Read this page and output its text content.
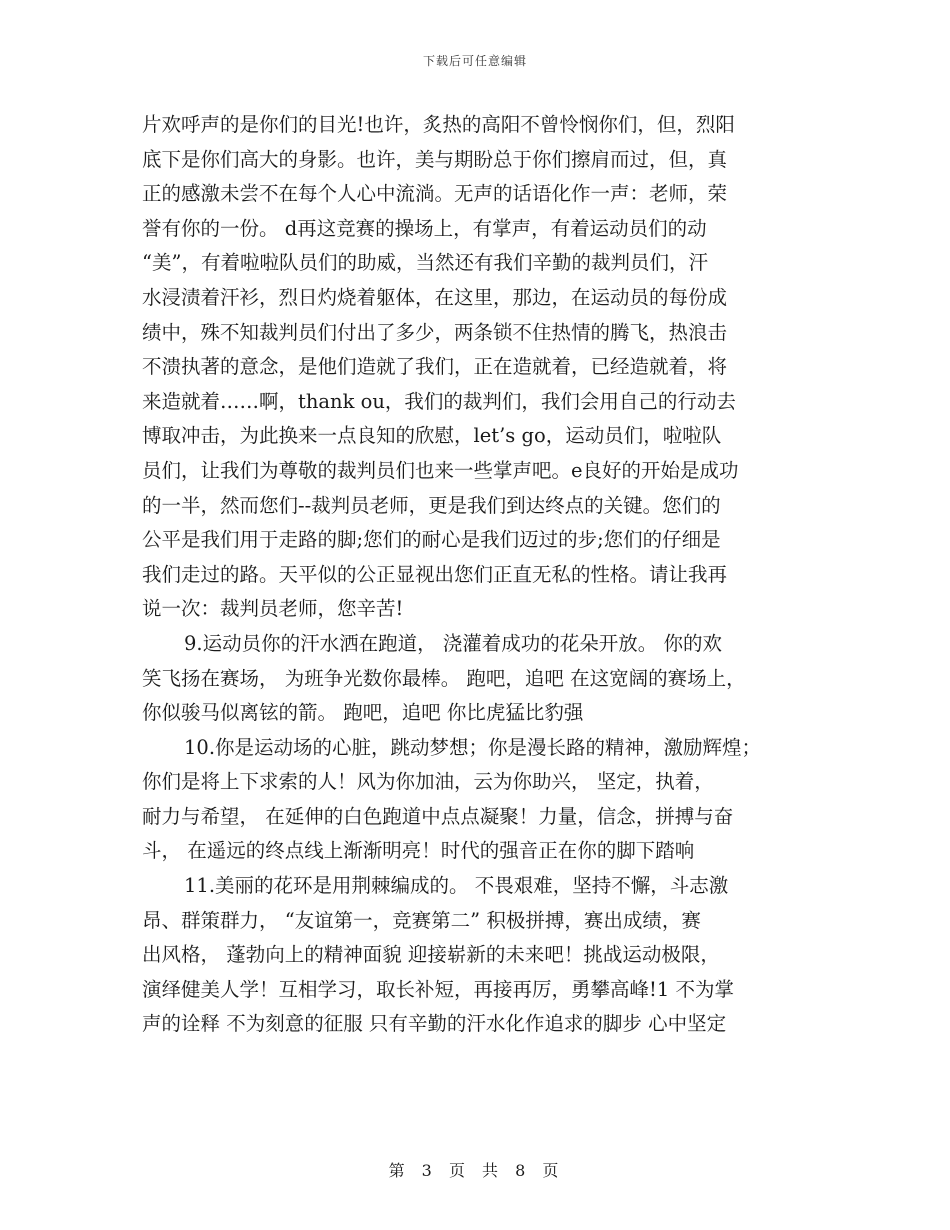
下载后可任意编辑
片欢呼声的是你们的目光!也许，炙热的高阳不曾怜悯你们，但，烈阳
底下是你们高大的身影。也许，美与期盼总于你们擦肩而过，但，真
正的感激未尝不在每个人心中流淌。无声的话语化作一声：老师，荣
誉有你的一份。 d再这竞赛的操场上，有掌声，有着运动员们的动
“美”，有着啦啦队员们的助威，当然还有我们辛勤的裁判员们，汗
水浸渍着汗衫，烈日灼烧着躯体，在这里，那边，在运动员的每份成
绩中，殊不知裁判员们付出了多少，两条锁不住热情的腾飞，热浪击
不溃执著的意念，是他们造就了我们，正在造就着，已经造就着，将
来造就着……啊，thank ou，我们的裁判们，我们会用自己的行动去
博取冲击，为此换来一点良知的欣慰，let’s go，运动员们，啦啦队
员们，让我们为尊敬的裁判员们也来一些掌声吧。e良好的开始是成功
的一半，然而您们--裁判员老师，更是我们到达终点的关键。您们的
公平是我们用于走路的脚;您们的耐心是我们迈过的步;您们的仔细是
我们走过的路。天平似的公正显视出您们正直无私的性格。请让我再
说一次：裁判员老师，您辛苦!
9.运动员你的汗水洒在跑道， 浇灌着成功的花朵开放。 你的欢
笑飞扬在赛场， 为班争光数你最棒。 跑吧，追吧 在这宽阔的赛场上，
你似骏马似离铉的箭。 跑吧，追吧 你比虎猛比豹强
10.你是运动场的心脏，跳动梦想；你是漫长路的精神，激励辉煌；
你们是将上下求索的人！风为你加油，云为你助兴， 坚定，执着，
耐力与希望， 在延伸的白色跑道中点点凝聚！力量，信念，拼搏与奋
斗， 在遥远的终点线上渐渐明亮！时代的强音正在你的脚下踏响
11.美丽的花环是用荆棘编成的。 不畏艰难，坚持不懈，斗志激
昂、群策群力， “友谊第一，竞赛第二” 积极拼搏，赛出成绩，赛
出风格， 蓬勃向上的精神面貌 迎接崭新的未来吧！挑战运动极限，
演绎健美人学！互相学习，取长补短，再接再厉，勇攀高峰!1 不为掌
声的诠释 不为刻意的征服 只有辛勤的汗水化作追求的脚步 心中坚定
第 3 页 共 8 页
